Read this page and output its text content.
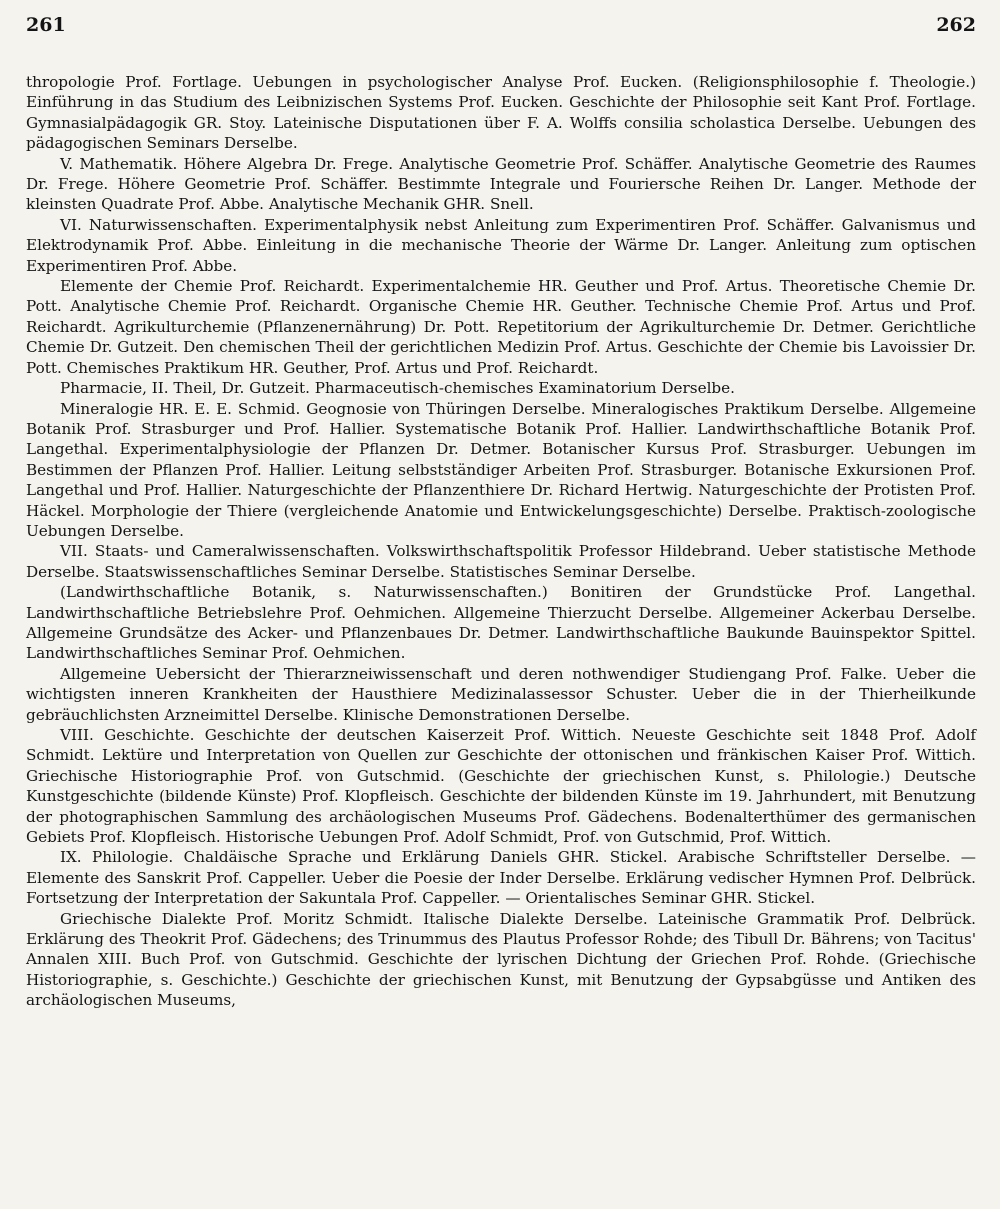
261	262

thropologie Prof. Fortlage. Uebungen in psychologischer Analyse Prof. Eucken. (Religionsphilosophie f. Theologie.) Einführung in das Studium des Leibnizischen Systems Prof. Eucken. Geschichte der Philosophie seit Kant Prof. Fortlage. Gymnasialpädagogik GR. Stoy. Lateinische Disputationen über F. A. Wolffs consilia scholastica Derselbe. Uebungen des pädagogischen Seminars Derselbe.

V. Mathematik. Höhere Algebra Dr. Frege. Analytische Geometrie Prof. Schäffer. Analytische Geometrie des Raumes Dr. Frege. Höhere Geometrie Prof. Schäffer. Bestimmte Integrale und Fouriersche Reihen Dr. Langer. Methode der kleinsten Quadrate Prof. Abbe. Analytische Mechanik GHR. Snell.

VI. Naturwissenschaften. Experimentalphysik nebst Anleitung zum Experimentiren Prof. Schäffer. Galvanismus und Elektrodynamik Prof. Abbe. Einleitung in die mechanische Theorie der Wärme Dr. Langer. Anleitung zum optischen Experimentiren Prof. Abbe.

Elemente der Chemie Prof. Reichardt. Experimentalchemie HR. Geuther und Prof. Artus. Theoretische Chemie Dr. Pott. Analytische Chemie Prof. Reichardt. Organische Chemie HR. Geuther. Technische Chemie Prof. Artus und Prof. Reichardt. Agrikulturchemie (Pflanzenernährung) Dr. Pott. Repetitorium der Agrikulturchemie Dr. Detmer. Gerichtliche Chemie Dr. Gutzeit. Den chemischen Theil der gerichtlichen Medizin Prof. Artus. Geschichte der Chemie bis Lavoissier Dr. Pott. Chemisches Praktikum HR. Geuther, Prof. Artus und Prof. Reichardt.

Pharmacie, II. Theil, Dr. Gutzeit. Pharmaceutisch-chemisches Examinatorium Derselbe.

Mineralogie HR. E. E. Schmid. Geognosie von Thüringen Derselbe. Mineralogisches Praktikum Derselbe. Allgemeine Botanik Prof. Strasburger und Prof. Hallier. Systematische Botanik Prof. Hallier. Landwirthschaftliche Botanik Prof. Langethal. Experimentalphysiologie der Pflanzen Dr. Detmer. Botanischer Kursus Prof. Strasburger. Uebungen im Bestimmen der Pflanzen Prof. Hallier. Leitung selbstständiger Arbeiten Prof. Strasburger. Botanische Exkursionen Prof. Langethal und Prof. Hallier. Naturgeschichte der Pflanzenthiere Dr. Richard Hertwig. Naturgeschichte der Protisten Prof. Häckel. Morphologie der Thiere (vergleichende Anatomie und Entwickelungsgeschichte) Derselbe. Praktisch-zoologische Uebungen Derselbe.

VII. Staats- und Cameralwissenschaften. Volkswirthschaftspolitik Professor Hildebrand. Ueber statistische Methode Derselbe. Staatswissenschaftliches Seminar Derselbe. Statistisches Seminar Derselbe.

(Landwirthschaftliche Botanik, s. Naturwissenschaften.) Bonitiren der Grundstücke Prof. Langethal. Landwirthschaftliche Betriebslehre Prof. Oehmichen. Allgemeine Thierzucht Derselbe. Allgemeiner Ackerbau Derselbe. Allgemeine Grundsätze des Acker- und Pflanzenbaues Dr. Detmer. Landwirthschaftliche Baukunde Bauinspektor Spittel. Landwirthschaftliches Seminar Prof. Oehmichen.

Allgemeine Uebersicht der Thierarzneiwissenschaft und deren nothwendiger Studiengang Prof. Falke. Ueber die wichtigsten inneren Krankheiten der Hausthiere Medizinalassessor Schuster. Ueber die in der Thierheilkunde gebräuchlichsten Arzneimittel Derselbe. Klinische Demonstrationen Derselbe.

VIII. Geschichte. Geschichte der deutschen Kaiserzeit Prof. Wittich. Neueste Geschichte seit 1848 Prof. Adolf Schmidt. Lektüre und Interpretation von Quellen zur Geschichte der ottonischen und fränkischen Kaiser Prof. Wittich. Griechische Historiographie Prof. von Gutschmid. (Geschichte der griechischen Kunst, s. Philologie.) Deutsche Kunstgeschichte (bildende Künste) Prof. Klopfleisch. Geschichte der bildenden Künste im 19. Jahrhundert, mit Benutzung der photographischen Sammlung des archäologischen Museums Prof. Gädechens. Bodenalterthümer des germanischen Gebiets Prof. Klopfleisch. Historische Uebungen Prof. Adolf Schmidt, Prof. von Gutschmid, Prof. Wittich.

IX. Philologie. Chaldäische Sprache und Erklärung Daniels GHR. Stickel. Arabische Schriftsteller Derselbe. — Elemente des Sanskrit Prof. Cappeller. Ueber die Poesie der Inder Derselbe. Erklärung vedischer Hymnen Prof. Delbrück. Fortsetzung der Interpretation der Sakuntala Prof. Cappeller. — Orientalisches Seminar GHR. Stickel.

Griechische Dialekte Prof. Moritz Schmidt. Italische Dialekte Derselbe. Lateinische Grammatik Prof. Delbrück. Erklärung des Theokrit Prof. Gädechens; des Trinummus des Plautus Professor Rohde; des Tibull Dr. Bährens; von Tacitus' Annalen XIII. Buch Prof. von Gutschmid. Geschichte der lyrischen Dichtung der Griechen Prof. Rohde. (Griechische Historiographie, s. Geschichte.) Geschichte der griechischen Kunst, mit Benutzung der Gypsabgüsse und Antiken des archäologischen Museums,
